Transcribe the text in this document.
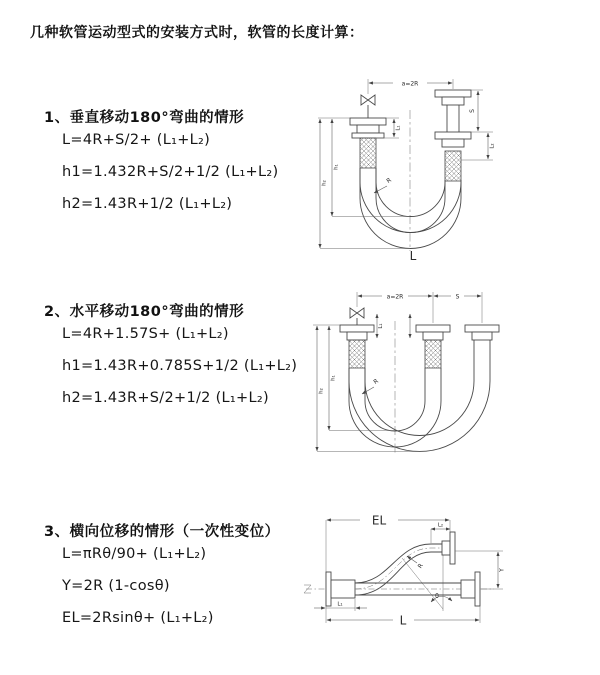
几种软管运动型式的安装方式时，软管的长度计算：
1、垂直移动180°弯曲的情形
L=4R+S/2+ (L₁+L₂)
h1=1.432R+S/2+1/2 (L₁+L₂)
h2=1.43R+1/2 (L₁+L₂)
2、水平移动180°弯曲的情形
L=4R+1.57S+ (L₁+L₂)
h1=1.43R+0.785S+1/2 (L₁+L₂)
h2=1.43R+S/2+1/2 (L₁+L₂)
3、横向位移的情形（一次性变位）
L=πRθ/90+ (L₁+L₂)
Y=2R (1-cosθ)
EL=2Rsinθ+ (L₁+L₂)
a=2R
L₁
S
L₂
h₁
h₂	R
L
a=2R	S
L₁
h₁
h₂
R
EL	L₂
Y
θ
R
L₁
L
